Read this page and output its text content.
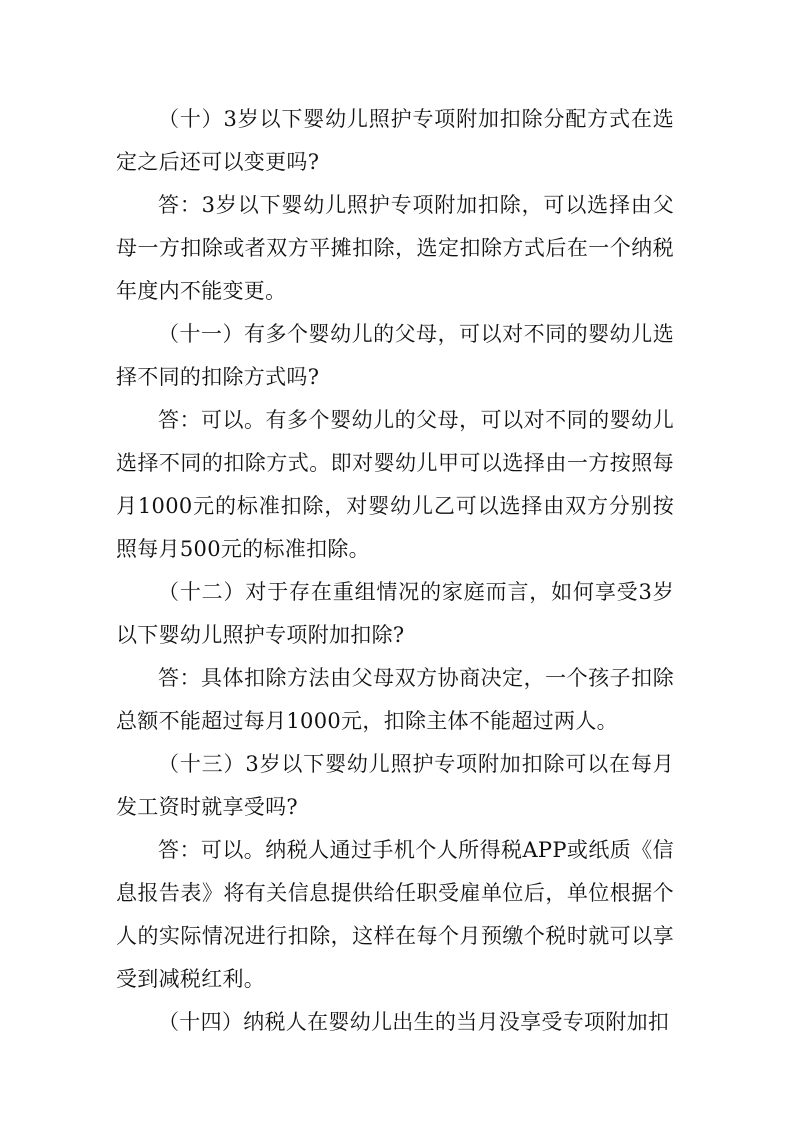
（十）3岁以下婴幼儿照护专项附加扣除分配方式在选定之后还可以变更吗?

答：3岁以下婴幼儿照护专项附加扣除，可以选择由父母一方扣除或者双方平摊扣除，选定扣除方式后在一个纳税年度内不能变更。

（十一）有多个婴幼儿的父母，可以对不同的婴幼儿选择不同的扣除方式吗?

答：可以。有多个婴幼儿的父母，可以对不同的婴幼儿选择不同的扣除方式。即对婴幼儿甲可以选择由一方按照每月1000元的标准扣除，对婴幼儿乙可以选择由双方分别按照每月500元的标准扣除。

（十二）对于存在重组情况的家庭而言，如何享受3岁以下婴幼儿照护专项附加扣除?

答：具体扣除方法由父母双方协商决定，一个孩子扣除总额不能超过每月1000元，扣除主体不能超过两人。

（十三）3岁以下婴幼儿照护专项附加扣除可以在每月发工资时就享受吗?

答：可以。纳税人通过手机个人所得税APP或纸质《信息报告表》将有关信息提供给任职受雇单位后，单位根据个人的实际情况进行扣除，这样在每个月预缴个税时就可以享受到减税红利。

（十四）纳税人在婴幼儿出生的当月没享受专项附加扣
